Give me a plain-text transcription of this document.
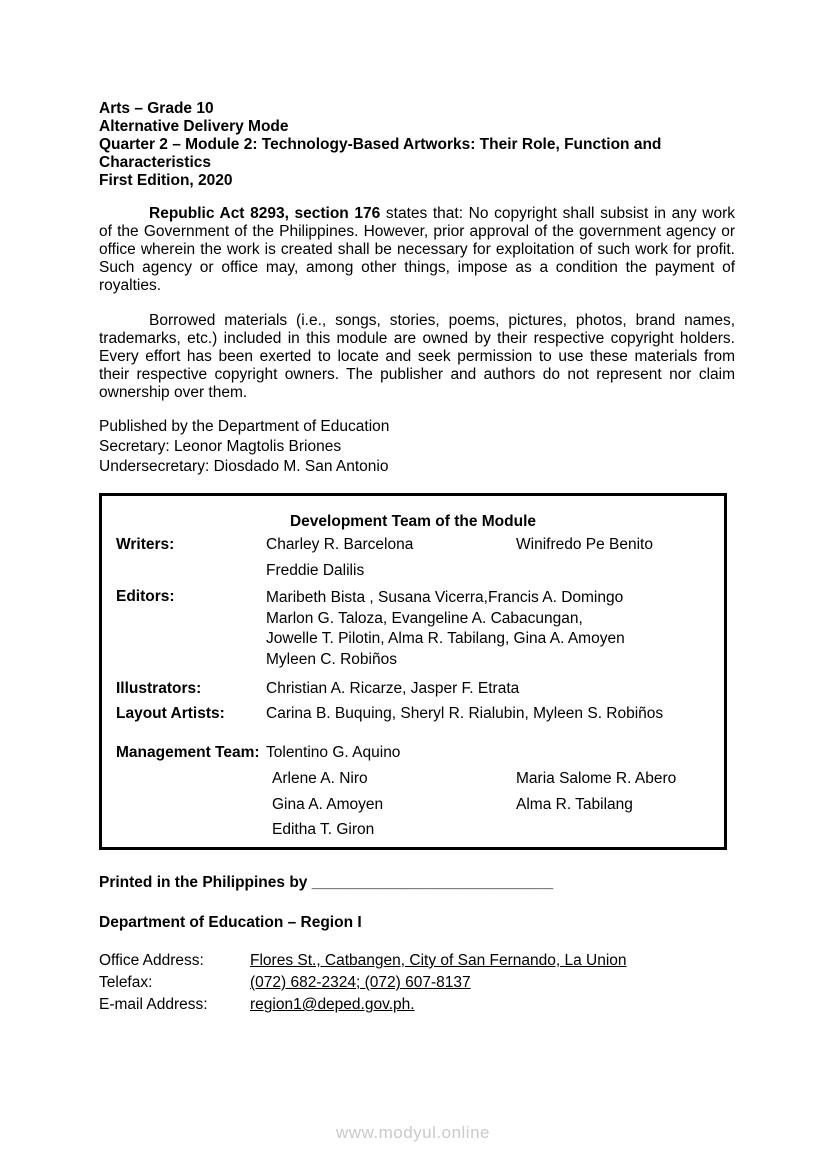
Arts – Grade 10
Alternative Delivery Mode
Quarter 2 – Module 2: Technology-Based Artworks: Their Role, Function and
Characteristics
First Edition, 2020

Republic Act 8293, section 176 states that: No copyright shall subsist in any work of the Government of the Philippines. However, prior approval of the government agency or office wherein the work is created shall be necessary for exploitation of such work for profit. Such agency or office may, among other things, impose as a condition the payment of royalties.

Borrowed materials (i.e., songs, stories, poems, pictures, photos, brand names, trademarks, etc.) included in this module are owned by their respective copyright holders. Every effort has been exerted to locate and seek permission to use these materials from their respective copyright owners. The publisher and authors do not represent nor claim ownership over them.

Published by the Department of Education
Secretary: Leonor Magtolis Briones
Undersecretary: Diosdado M. San Antonio
Development Team of the Module
Writers:	Charley R. Barcelona	Winifredo Pe Benito
Freddie Dalilis
Editors:	Maribeth Bista , Susana Vicerra,Francis A. Domingo
Marlon G. Taloza, Evangeline A. Cabacungan,
Jowelle T. Pilotin, Alma R. Tabilang, Gina A. Amoyen
Myleen C. Robiños
Illustrators:	Christian A. Ricarze, Jasper F. Etrata
Layout Artists:	Carina B. Buquing, Sheryl R. Rialubin, Myleen S. Robiños
Management Team: Tolentino G. Aquino
Arlene A. Niro	Maria Salome R. Abero
Gina A. Amoyen	Alma R. Tabilang
Editha T. Giron
Printed in the Philippines by ____________________________
Department of Education – Region I
Office Address:	Flores St., Catbangen, City of San Fernando, La Union
Telefax:	(072) 682-2324; (072) 607-8137
E-mail Address:	region1@deped.gov.ph.
www.modyul.online
